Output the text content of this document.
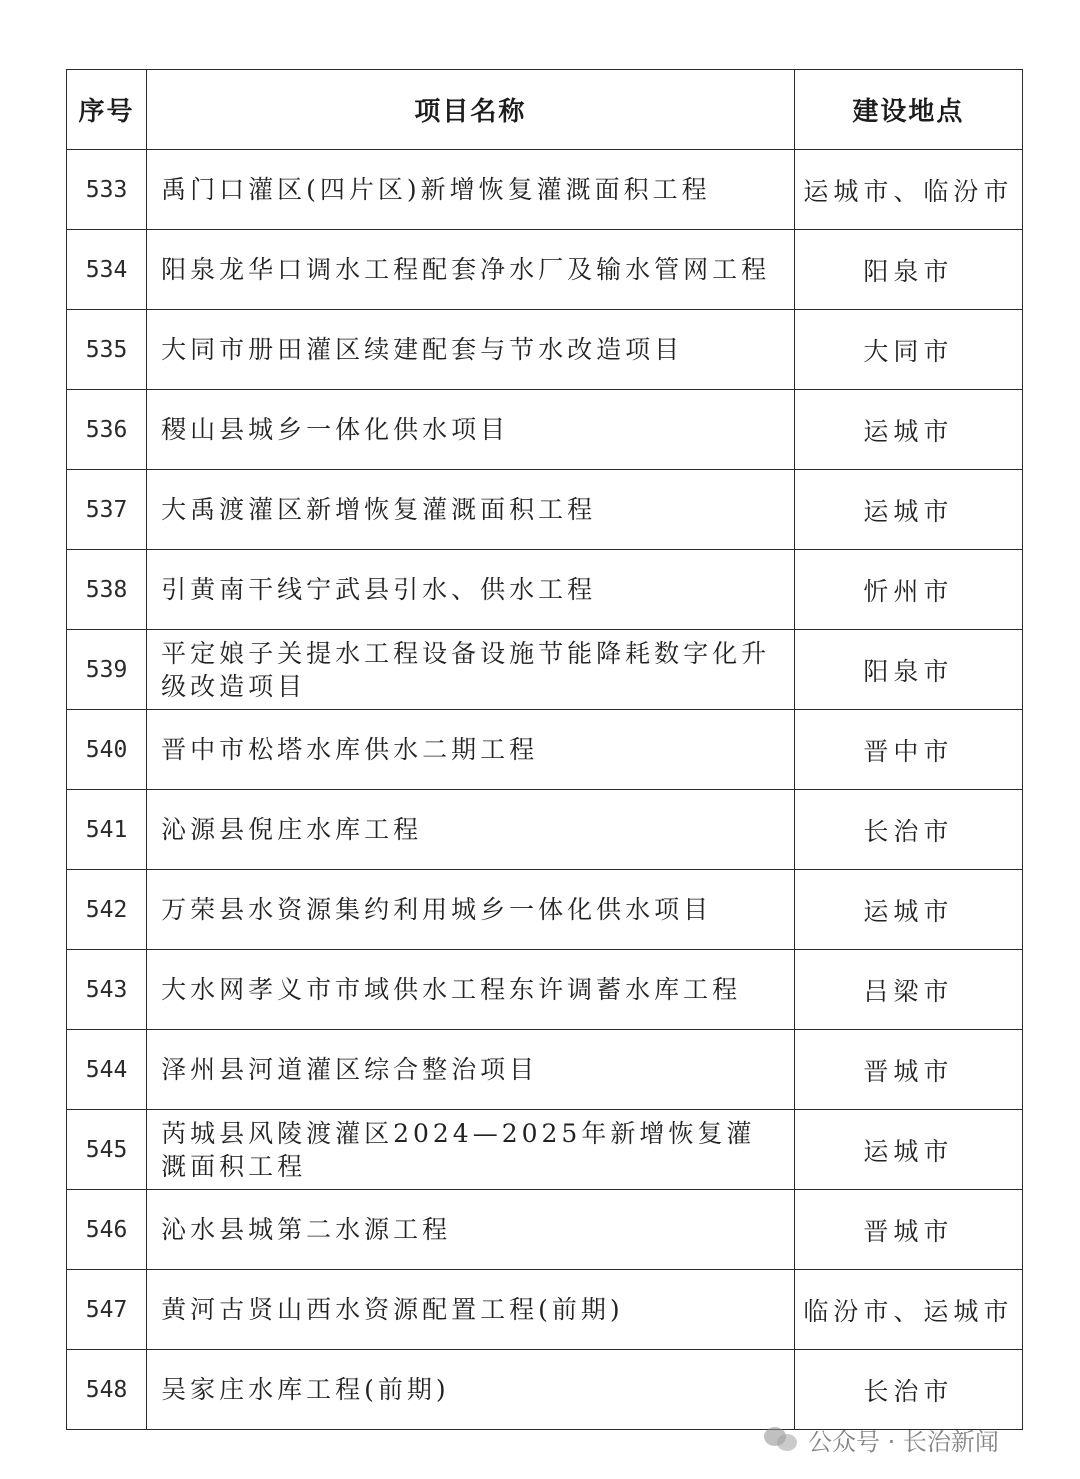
序号	项目名称	建设地点
533	禹门口灌区(四片区)新增恢复灌溉面积工程	运城市、临汾市
534	阳泉龙华口调水工程配套净水厂及输水管网工程	阳泉市
535	大同市册田灌区续建配套与节水改造项目	大同市
536	稷山县城乡一体化供水项目	运城市
537	大禹渡灌区新增恢复灌溉面积工程	运城市
538	引黄南干线宁武县引水、供水工程	忻州市
539	平定娘子关提水工程设备设施节能降耗数字化升级改造项目	阳泉市
540	晋中市松塔水库供水二期工程	晋中市
541	沁源县倪庄水库工程	长治市
542	万荣县水资源集约利用城乡一体化供水项目	运城市
543	大水网孝义市市域供水工程东许调蓄水库工程	吕梁市
544	泽州县河道灌区综合整治项目	晋城市
545	芮城县风陵渡灌区2024—2025年新增恢复灌溉面积工程	运城市
546	沁水县城第二水源工程	晋城市
547	黄河古贤山西水资源配置工程(前期)	临汾市、运城市
548	吴家庄水库工程(前期)	长治市
公众号 · 长治新闻
